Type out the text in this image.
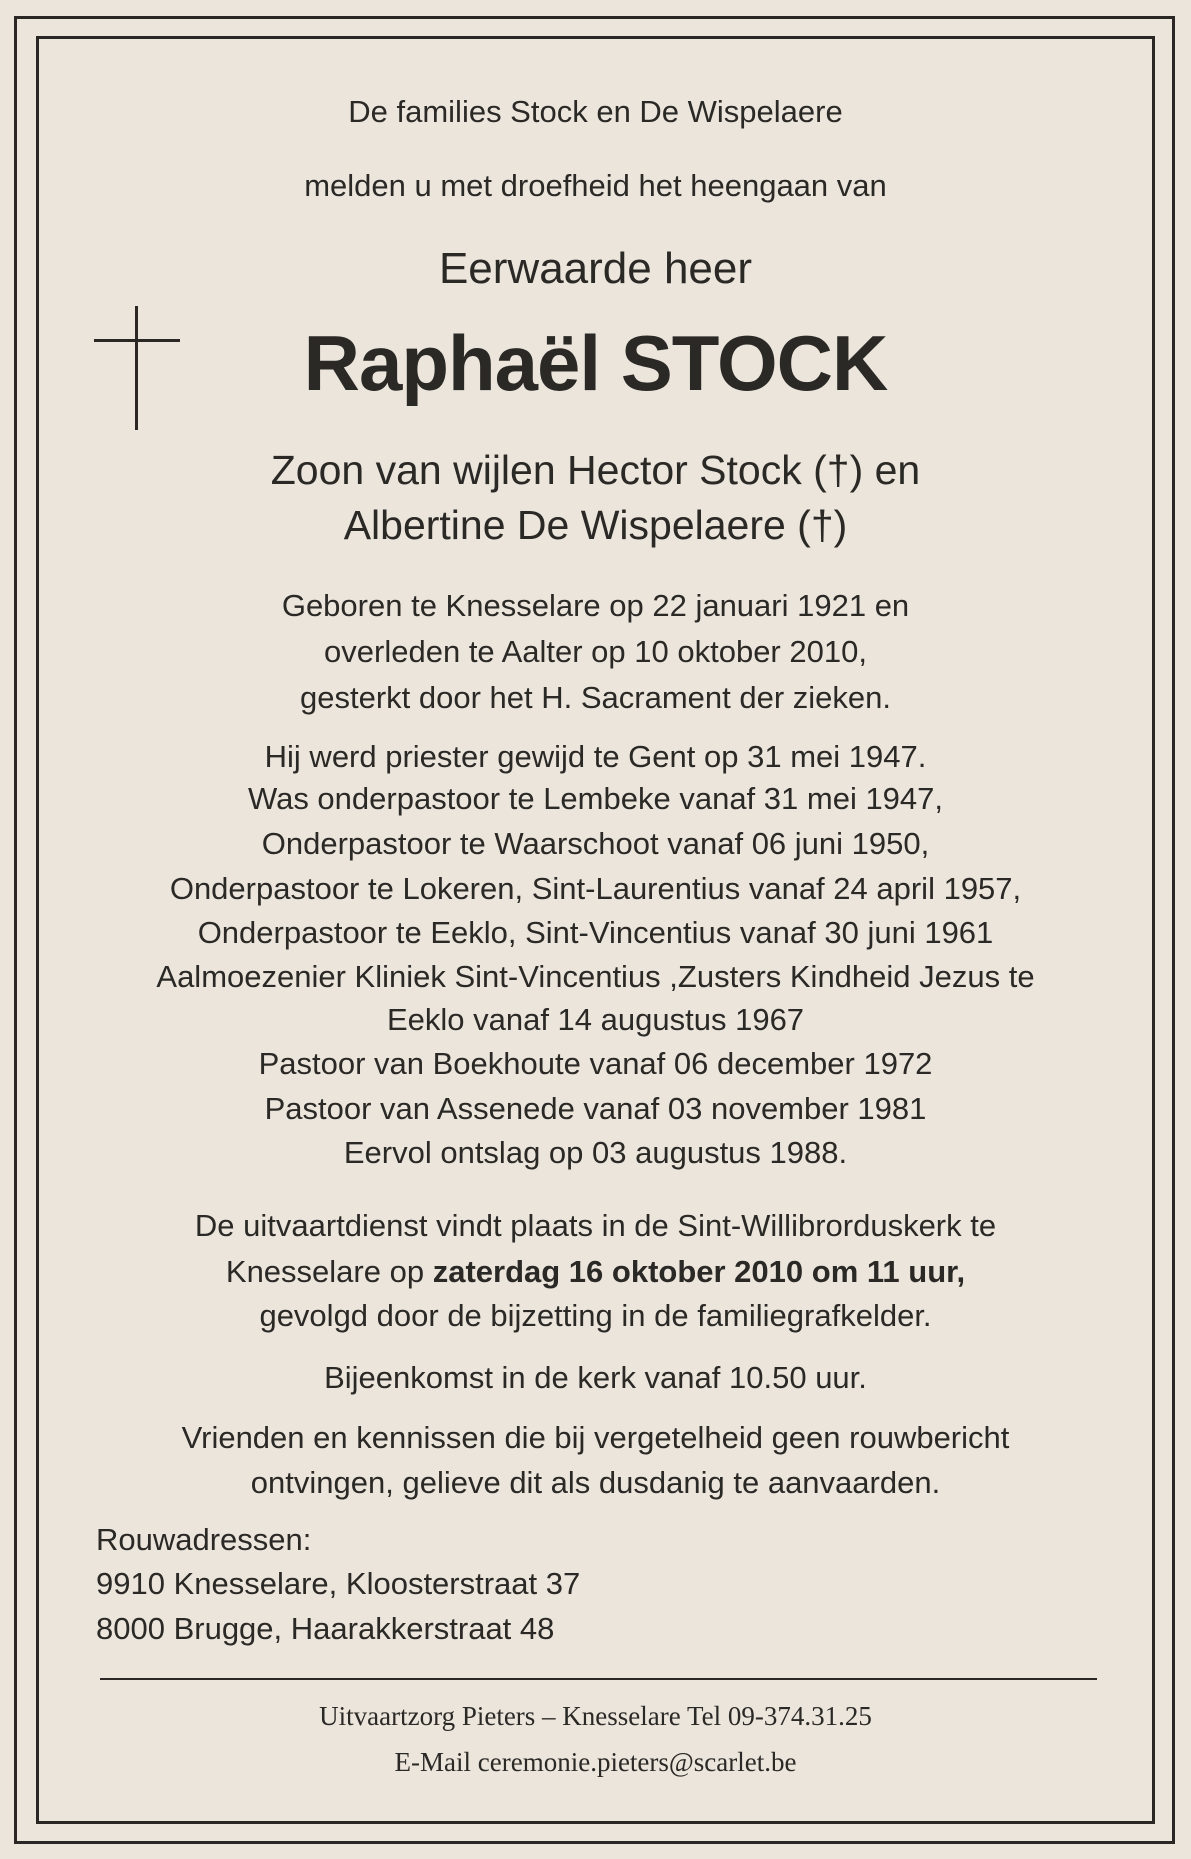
De families Stock en De Wispelaere
melden u met droefheid het heengaan van
Eerwaarde heer
Raphaël STOCK
Zoon van wijlen Hector Stock (†) en
Albertine De Wispelaere (†)
Geboren te Knesselare op 22 januari 1921 en
overleden te Aalter op 10 oktober 2010,
gesterkt door het H. Sacrament der zieken.
Hij werd priester gewijd te Gent op 31 mei 1947.
Was onderpastoor te Lembeke vanaf 31 mei 1947,
Onderpastoor te Waarschoot vanaf 06 juni 1950,
Onderpastoor te Lokeren, Sint-Laurentius vanaf 24 april 1957,
Onderpastoor te Eeklo, Sint-Vincentius vanaf 30 juni 1961
Aalmoezenier Kliniek Sint-Vincentius ,Zusters Kindheid Jezus te
Eeklo vanaf 14 augustus 1967
Pastoor van Boekhoute vanaf 06 december 1972
Pastoor van Assenede vanaf 03 november 1981
Eervol ontslag op 03 augustus 1988.
De uitvaartdienst vindt plaats in de Sint-Willibrorduskerk te
Knesselare op zaterdag 16 oktober 2010 om 11 uur,
gevolgd door de bijzetting in de familiegrafkelder.
Bijeenkomst in de kerk vanaf 10.50 uur.
Vrienden en kennissen die bij vergetelheid geen rouwbericht
ontvingen, gelieve dit als dusdanig te aanvaarden.
Rouwadressen:
9910 Knesselare, Kloosterstraat 37
8000 Brugge, Haarakkerstraat 48
Uitvaartzorg Pieters – Knesselare Tel 09-374.31.25
E-Mail ceremonie.pieters@scarlet.be
